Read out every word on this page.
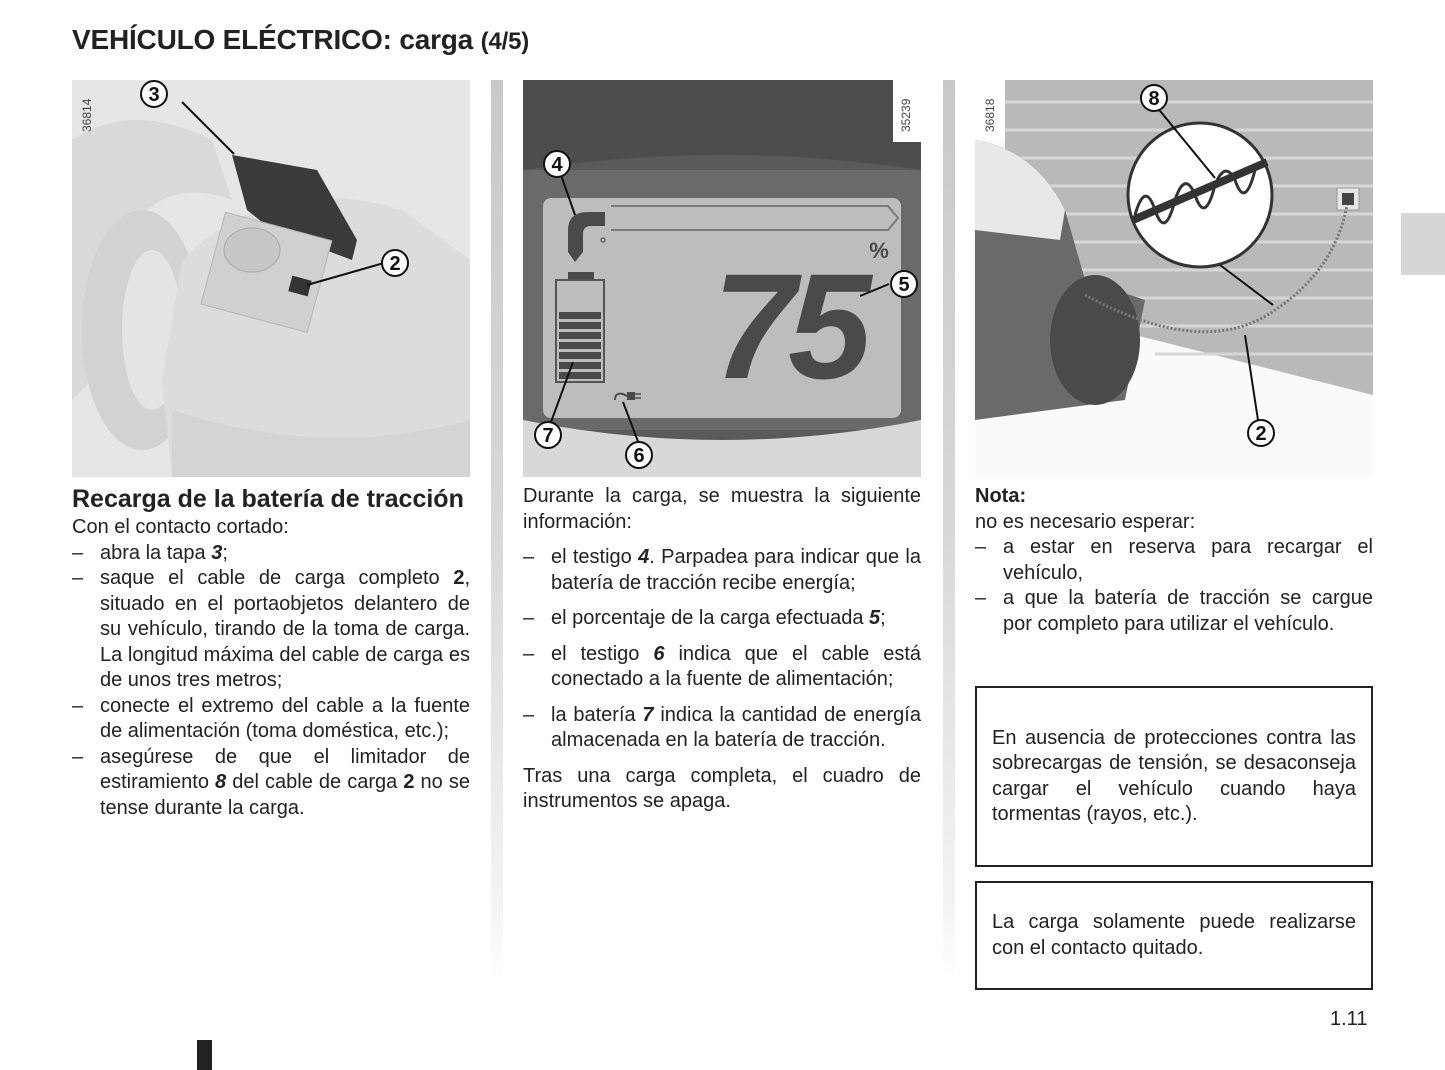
VEHÍCULO ELÉCTRICO: carga (4/5)
3
2
36814
%
75
4
5
6
7
35239	8
2
36818
Recarga de la batería de tracción

Con el contacto cortado:

– abra la tapa 3;
– saque el cable de carga completo 2, situado en el portaobjetos delantero de su vehículo, tirando de la toma de carga. La longitud máxima del cable de carga es de unos tres metros;
– conecte el extremo del cable a la fuente de alimentación (toma doméstica, etc.);
– asegúrese de que el limitador de estiramiento 8 del cable de carga 2 no se tense durante la carga.

Durante la carga, se muestra la siguiente información:

– el testigo 4. Parpadea para indicar que la batería de tracción recibe energía;
– el porcentaje de la carga efectuada 5;
– el testigo 6 indica que el cable está conectado a la fuente de alimentación;
– la batería 7 indica la cantidad de energía almacenada en la batería de tracción.

Tras una carga completa, el cuadro de instrumentos se apaga.

Nota:

no es necesario esperar:

– a estar en reserva para recargar el vehículo,
– a que la batería de tracción se cargue por completo para utilizar el vehículo.

En ausencia de protecciones contra las sobrecargas de tensión, se desaconseja cargar el vehículo cuando haya tormentas (rayos, etc.).

La carga solamente puede realizarse con el contacto quitado.

1.11
